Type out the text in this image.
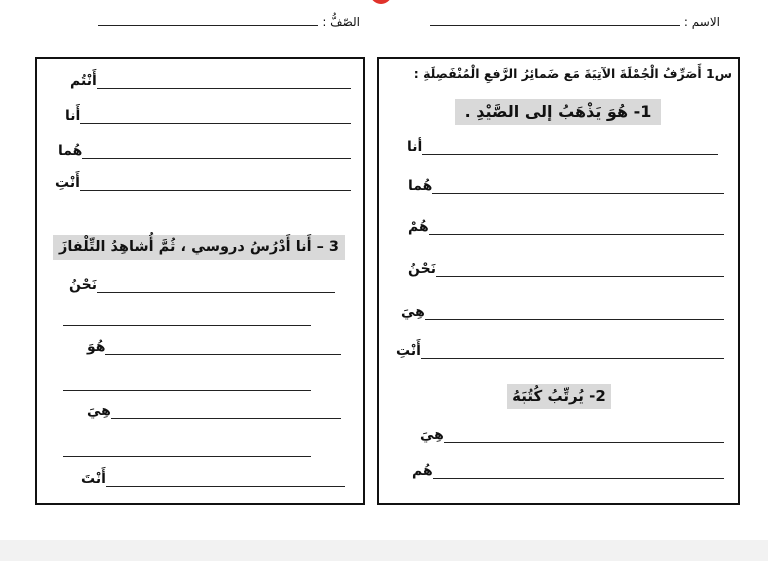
الاسم :
الصّفُّ :
س1 أَصَرِّفُ الْجُمْلَةَ الآتِيَةَ مَع ضَمائِرُ الرَّفعِ الْمُنْفَصِلَةِ :
1- هُوَ يَذْهَبُ إلى الصَّيْدِ .
أنا
هُما
هُمْ
نَحْنُ
هِيَ
أَنْتِ
2- يُرتِّبُ كُتُبَهُ
هِيَ
هُم
أَنْتُم
أَنا
هُما
أَنْتِ
3 – أَنا أَدْرُسُ دروسي ، ثُمَّ أُشاهِدُ التِّلْفازَ
نَحْنُ
هُوَ
هِيَ
أَنْتَ
